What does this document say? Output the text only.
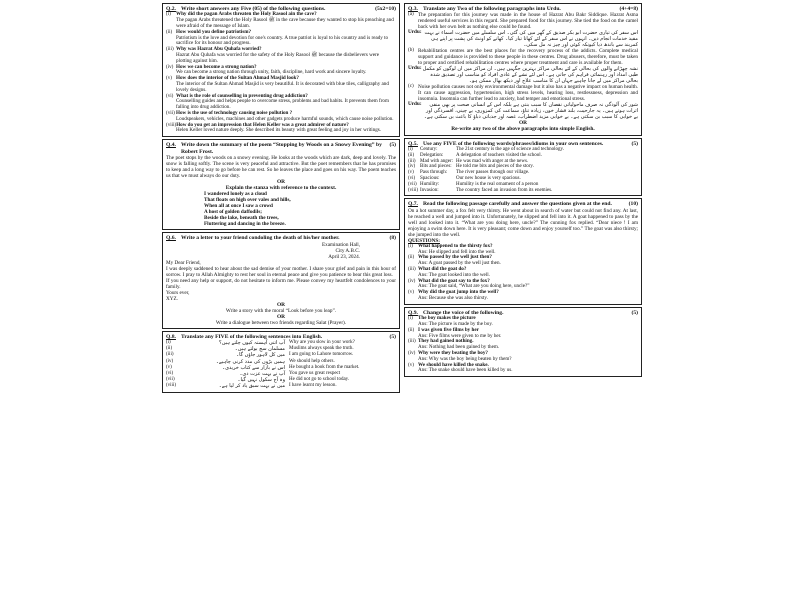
Q.2. Write short answers any Five (05) of the following questions.	(5x2=10)
(i)	Why did the pagan Arabs threaten the Holy Rasool ain the cave?
The pagan Arabs threatened the Holy Rasool ﷺ in the cave because they wanted to stop his preaching and were afraid of the message of Islam.
(ii) How would you define patriotism?
Patriotism is the love and devotion for one's country. A true patriot is loyal to his country and is ready to sacrifice for its honour and progress.
(iii) Why was Hazrat Abu Quhafa worried?
Hazrat Abu Quhafa was worried for the safety of the Holy Rasool ﷺ because the disbelievers were plotting against him.
(iv) How we can become a strong nation?
We can become a strong nation through unity, faith, discipline, hard work and sincere loyalty.
(v) How does the interior of the Sultan Ahmad Masjid look?
The interior of the Sultan Ahmad Masjid is very beautiful. It is decorated with blue tiles, calligraphy and lovely designs.
(vi) What is the role of counselling in preventing drug addiction?
Counselling guides and helps people to overcome stress, problems and bad habits. It prevents them from falling into drug addiction.
(vii) How is the use of technology causing noise pollution ?
Loudspeakers, vehicles, machines and other gadgets produce harmful sounds, which cause noise pollution.
(viii) How do you get an impression that Helen Keller was a great admirer of nature?
Helen Keller loved nature deeply. She described its beauty with great feeling and joy in her writings.
Q.4. Write down the summary of the poem “Stopping by Woods on a Snowy Evening” by Robert Frost.
(5)
The poet stops by the woods on a snowy evening. He looks at the woods which are dark, deep and lovely. The snow is falling softly. The scene is very peaceful and attractive. But the poet remembers that he has promises to keep and a long way to go before he can rest. So he leaves the place and goes on his way. The poem teaches us that we must always do our duty.
OR
Explain the stanza with reference to the context.
I wandered lonely as a cloud
That floats on high over vales and hills,
When all at once I saw a crowd
A host of golden daffodils;
Beside the lake, beneath the trees,
Fluttering and dancing in the breeze.
Q.6. Write a letter to your friend condoling the death of his/her mother.	(8)
Examination Hall,
City A.B.C.
April 23, 2024.
My Dear Friend,
I was deeply saddened to hear about the sad demise of your mother. I share your grief and pain in this hour of sorrow. I pray to Allah Almighty to rest her soul in eternal peace and give you patience to bear this great loss.
If you need any help or support, do not hesitate to inform me. Please convey my heartfelt condolences to your family.
Yours ever,
XYZ.
OR
Write a story with the moral “Look before you leap”.
OR
Write a dialogue between two friends regarding Salat (Prayer).
Q.8. Translate any FIVE of the following sentences into English.	(5)
(i)	آپ اتنی آہستہ کیوں چلتے ہیں؟ Why are you slow in your work?
(ii)	مسلمان سچ بولتے ہیں۔ Muslims always speak the truth.
(iii)	میں کل لاہور جاؤں گا۔ I am going to Lahore tomorrow.
(iv)	ہمیں بڑوں کی مدد کرنی چاہیے۔ We should help others.
(v)	اس نے بازار سے کتاب خریدی۔ He bought a book from the market.
(vi)	آپ نے بہت عزت دی۔ You gave us great respect
(vii)	وہ آج سکول نہیں گیا۔ He did not go to school today.
(viii)	میں نے بہت سبق یاد کر لیا ہے۔ I have learnt my lesson.
Q.3. Translate any Two of the following paragraphs into Urdu.	(4+4=8)
(a) The preparation for this journey was made in the house of Hazrat Abu Bakr Siddique. Hazrat Asma rendered useful services in this regard. She prepared food for this journey. She tied the food on the camel back with her own belt as nothing else could be found.
Urdu: اس سفر کی تیاری حضرت ابو بکر صدیق کے گھر میں کی گئی۔ اس سلسلے میں حضرت اسماء نے بہت مفید خدمات انجام دیں۔ انہوں نے اس سفر کے لئے کھانا تیار کیا۔ کھانے کو اونٹ کی پشت پر اپنے ہی کمربند سے باندھ دیا کیونکہ کوئی اور چیز نہ مل سکی۔
(b) Rehabilitation centres are the best places for the recovery process of the addicts. Complete medical support and guidance is provided to these people in these centres. Drug abusers, therefore, must be taken to proper and certified rehabilitation centres where proper treatment and care is available for them.
Urdu: نشہ چھڑانے والوں کی بحالی کے لئے بحالی مراکز بہترین جگہیں ہیں۔ ان مراکز میں ان لوگوں کو مکمل طبی امداد اور رہنمائی فراہم کی جاتی ہے۔ اس لئے نشے کے عادی افراد کو مناسب اور تصدیق شدہ بحالی مراکز میں لے جانا چاہیے جہاں ان کا مناسب علاج اور دیکھ بھال ممکن ہو۔
(c) Noise pollution causes not only environmental damage but it also has a negative impact on human health. It can cause aggression, hypertension, high stress levels, hearing loss, restlessness, depression and insomnia. Insomnia can further lead to anxiety, bad temper and emotional stress.
Urdu:	شور کی آلودگی نہ صرف ماحولیاتی نقصان کا سبب بنتی ہے بلکہ اس کے انسانی صحت پر بھی منفی اثرات ہوتے ہیں۔ یہ جارحیت، بلند فشار خون، زیادہ تناؤ، سماعت کی کمزوری، بے چینی، افسردگی اور بے خوابی کا سبب بن سکتی ہے۔ بے خوابی مزید اضطراب، غصہ اور جذباتی دباؤ کا باعث بن سکتی ہے۔
OR
Re-write any two of the above paragraphs into simple English.
Q.5. Use any FIVE of the following words/phrases/idioms in your own sentences.	(5)
(i)	Century:	The 21st century is the age of science and technology.
(ii)	Delegation:	A delegation of teachers visited the school.
(iii) Mad with anger: He was mad with anger at the news.
(iv) Bits and pieces: He told me bits and pieces of the story.
(v)	Pass through:	The river passes through our village.
(vi) Spacious:	Our new house is very spacious.
(vii) Humility:	Humility is the real ornament of a person
(viii) Invasion:	The country faced an invasion from its enemies.
Q.7. Read the following passage carefully and answer the questions given at the end.	(10)
On a hot summer day, a fox felt very thirsty. He went about in search of water but could not find any. At last, he reached a well and jumped into it. Unfortunately, he slipped and fell into it. A goat happened to pass by the well and looked into it. “What are you doing here, uncle?” The cunning fox replied. “Dear niece ! I am enjoying a swim down here. It is very pleasant; come down and enjoy yourself too.” The goat was also thirsty; she jumped into the well.
QUESTIONS:
(i)	What happened to the thirsty fox?
Ans: He slipped and fell into the well.
(ii) Who passed by the well just then?
Ans: A goat passed by the well just then.
(iii) What did the goat do?
Ans: The goat looked into the well.
(iv) What did the goat say to the fox?
Ans: The goat said, “What are you doing here, uncle?”
(v) Why did the goat jump into the well?
Ans: Because she was also thirsty.
Q.9. Change the voice of the following.	(5)
(i)	The boy makes the picture
Ans: The picture is made by the boy.
(ii) I was given five films by her
Ans: Five films were given to me by her.
(iii) They had gained nothing.
Ans: Nothing had been gained by them.
(iv) Why were they beating the boy?
Ans: Why was the boy being beaten by them?
(v) We should have killed the snake.
Ans: The snake should have been killed by us.
